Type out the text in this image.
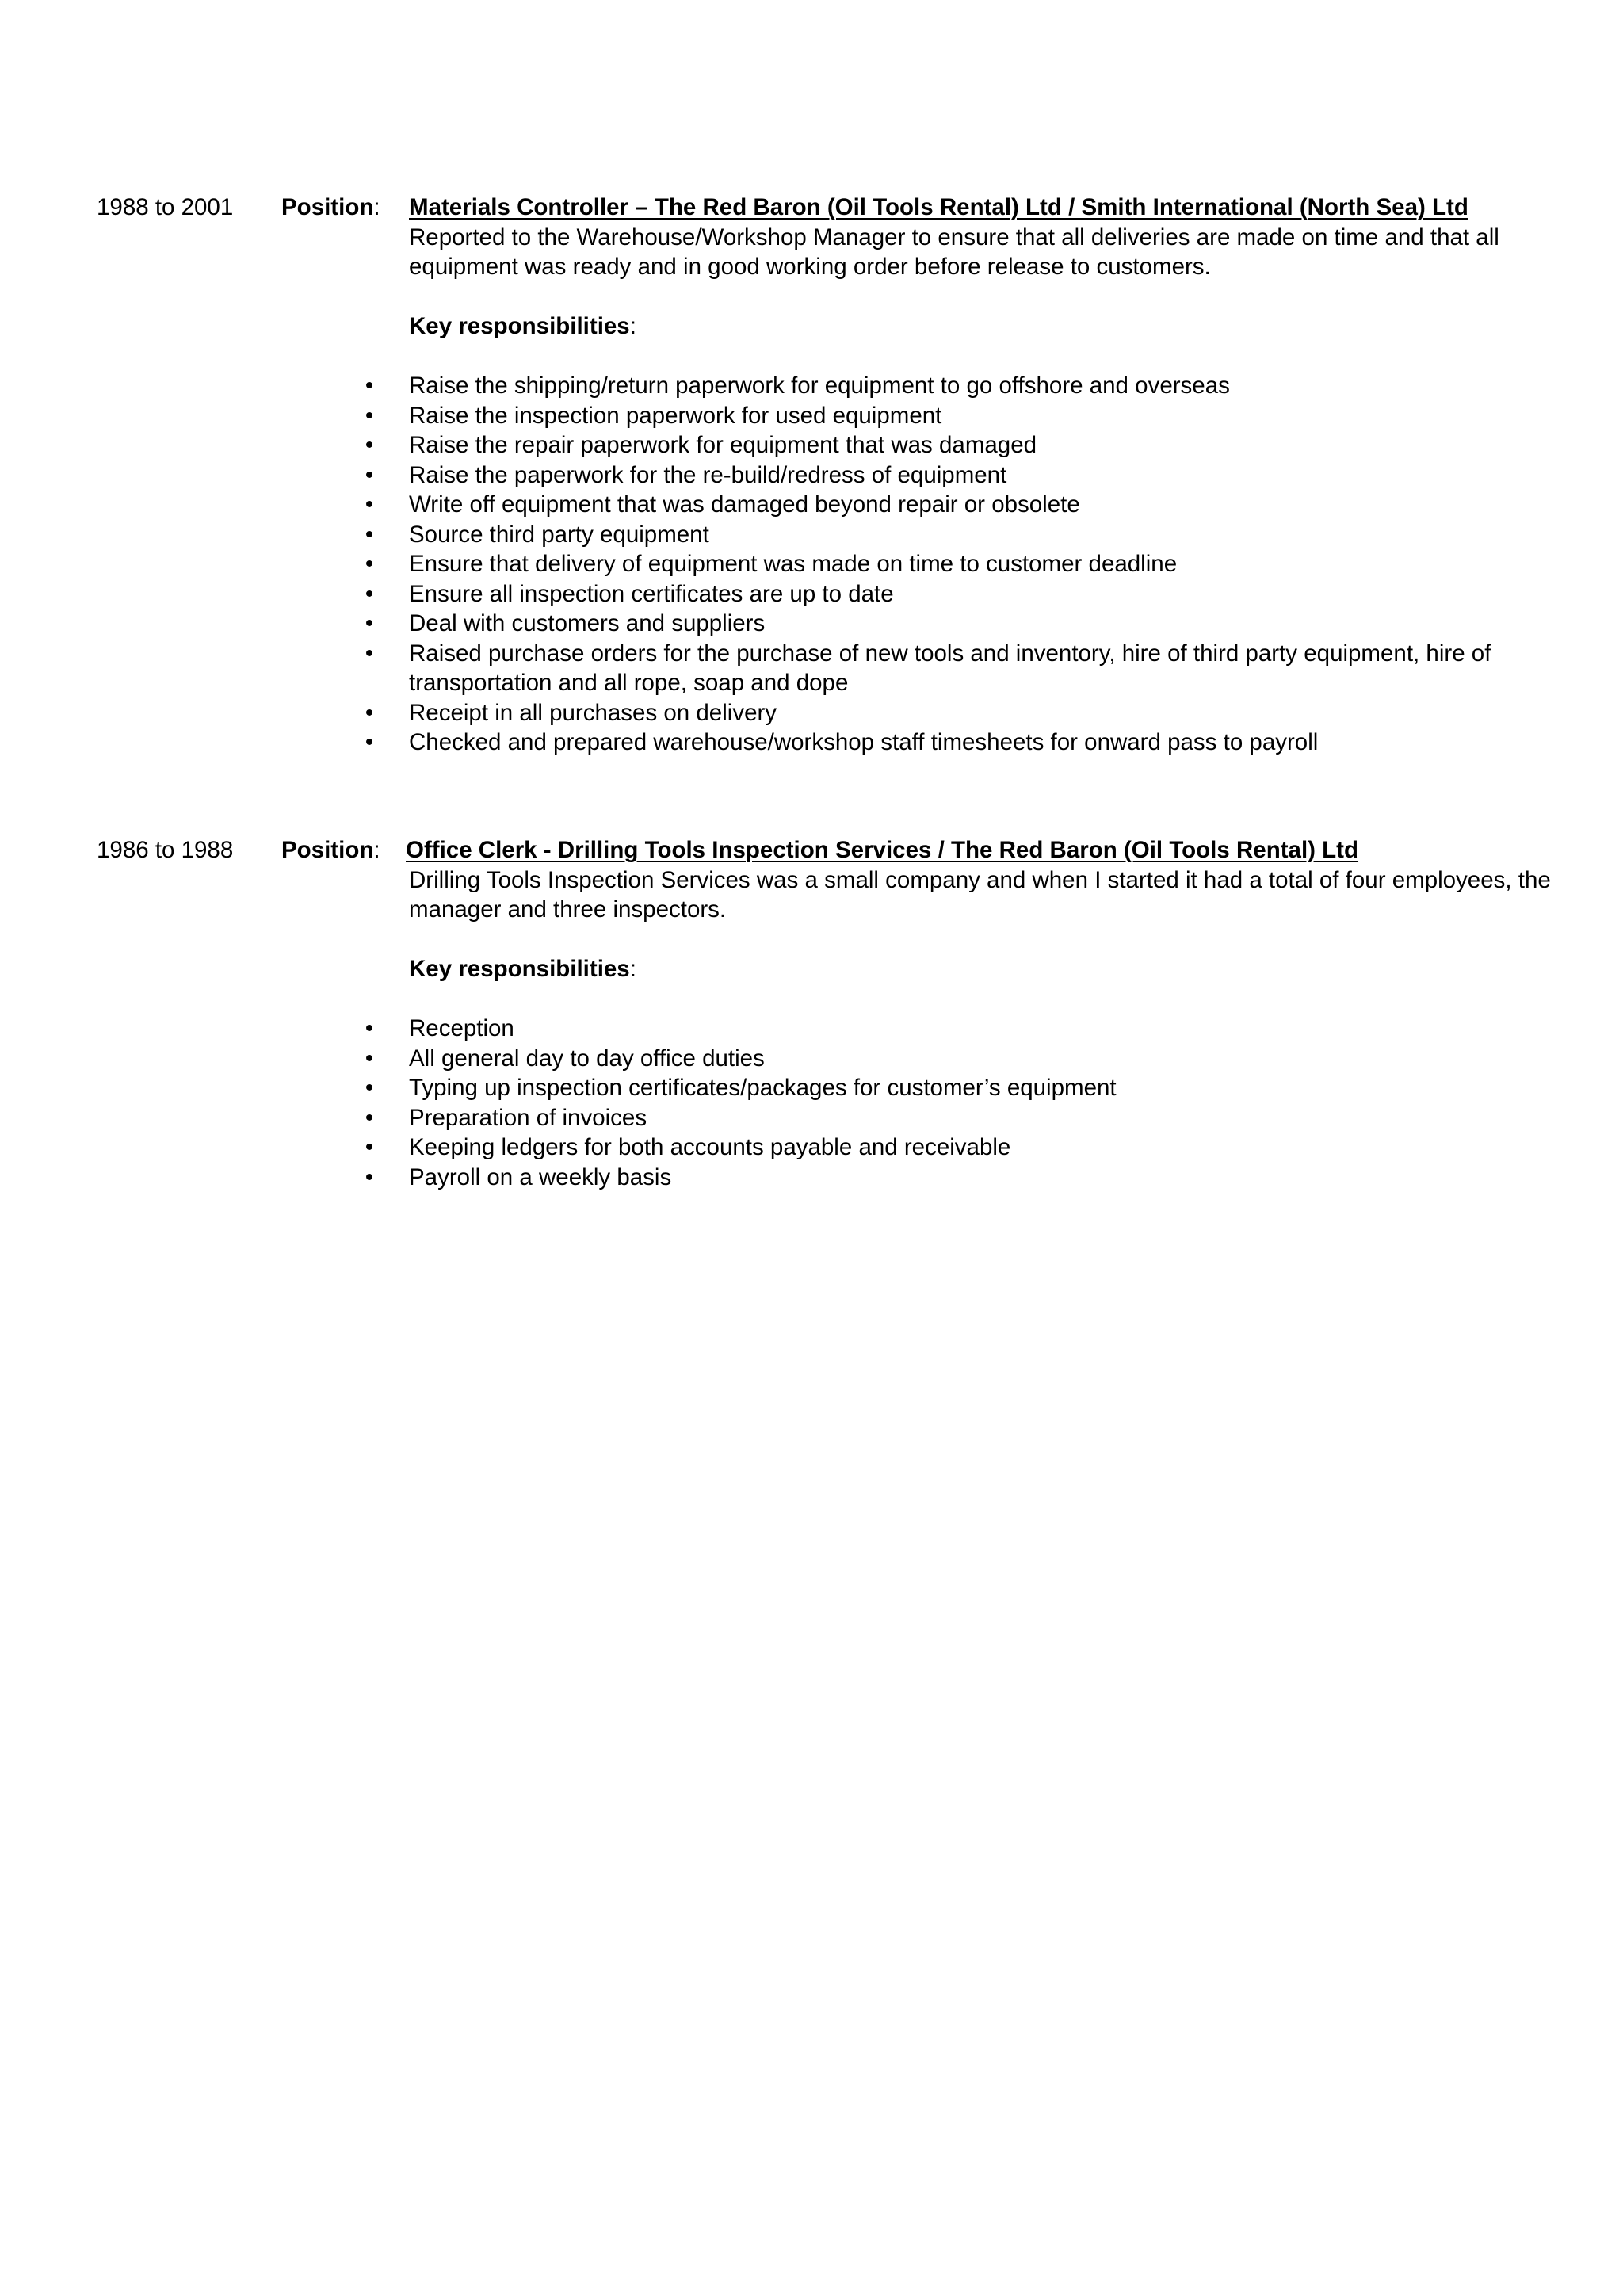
1988 to 2001 Position: Materials Controller – The Red Baron (Oil Tools Rental) Ltd / Smith International (North Sea) Ltd

Reported to the Warehouse/Workshop Manager to ensure that all deliveries are made on time and that all equipment was ready and in good working order before release to customers.

Key responsibilities:

• Raise the shipping/return paperwork for equipment to go offshore and overseas
• Raise the inspection paperwork for used equipment
• Raise the repair paperwork for equipment that was damaged
• Raise the paperwork for the re-build/redress of equipment
• Write off equipment that was damaged beyond repair or obsolete
• Source third party equipment
• Ensure that delivery of equipment was made on time to customer deadline
• Ensure all inspection certificates are up to date
• Deal with customers and suppliers
• Raised purchase orders for the purchase of new tools and inventory, hire of third party equipment, hire of transportation and all rope, soap and dope
• Receipt in all purchases on delivery
• Checked and prepared warehouse/workshop staff timesheets for onward pass to payroll
1986 to 1988 Position: Office Clerk - Drilling Tools Inspection Services / The Red Baron (Oil Tools Rental) Ltd

Drilling Tools Inspection Services was a small company and when I started it had a total of four employees, the manager and three inspectors.

Key responsibilities:

• Reception
• All general day to day office duties
• Typing up inspection certificates/packages for customer’s equipment
• Preparation of invoices
• Keeping ledgers for both accounts payable and receivable
• Payroll on a weekly basis
